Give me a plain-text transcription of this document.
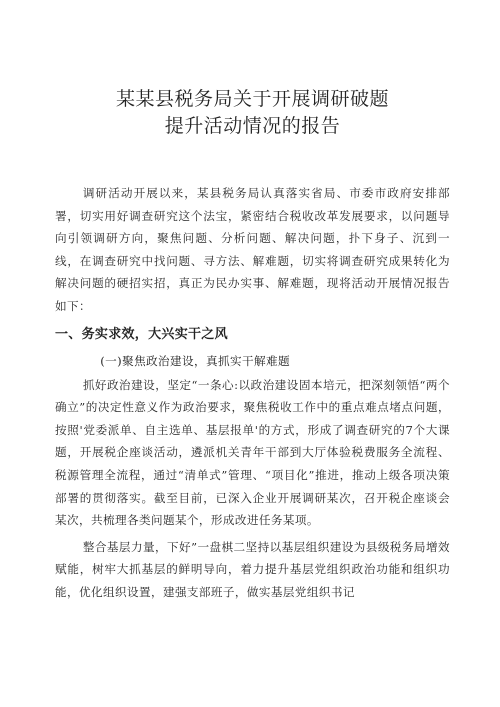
某某县税务局关于开展调研破题
提升活动情况的报告

调研活动开展以来，某县税务局认真落实省局、市委市政府安排部署，切实用好调查研究这个法宝，紧密结合税收改革发展要求，以问题导向引领调研方向，聚焦问题、分析问题、解决问题，扑下身子、沉到一线，在调查研究中找问题、寻方法、解难题，切实将调查研究成果转化为解决问题的硬招实招，真正为民办实事、解难题，现将活动开展情况报告如下：

一、务实求效，大兴实干之风
(一)聚焦政治建设，真抓实干解难题

抓好政治建设，坚定“一条心:以政治建设固本培元，把深刻领悟“两个确立”的决定性意义作为政治要求，聚焦税收工作中的重点难点堵点问题，按照'党委派单、自主选单、基层报单'的方式，形成了调查研究的7个大课题，开展税企座谈活动，遴派机关青年干部到大厅体验税费服务全流程、税源管理全流程，通过“清单式”管理、“项目化”推进，推动上级各项决策部署的贯彻落实。截至目前，已深入企业开展调研某次，召开税企座谈会某次，共梳理各类问题某个，形成改进任务某项。

整合基层力量，下好”一盘棋二坚持以基层组织建设为县级税务局增效赋能，树牢大抓基层的鲜明导向，着力提升基层党组织政治功能和组织功能，优化组织设置，建强支部班子，做实基层党组织书记
